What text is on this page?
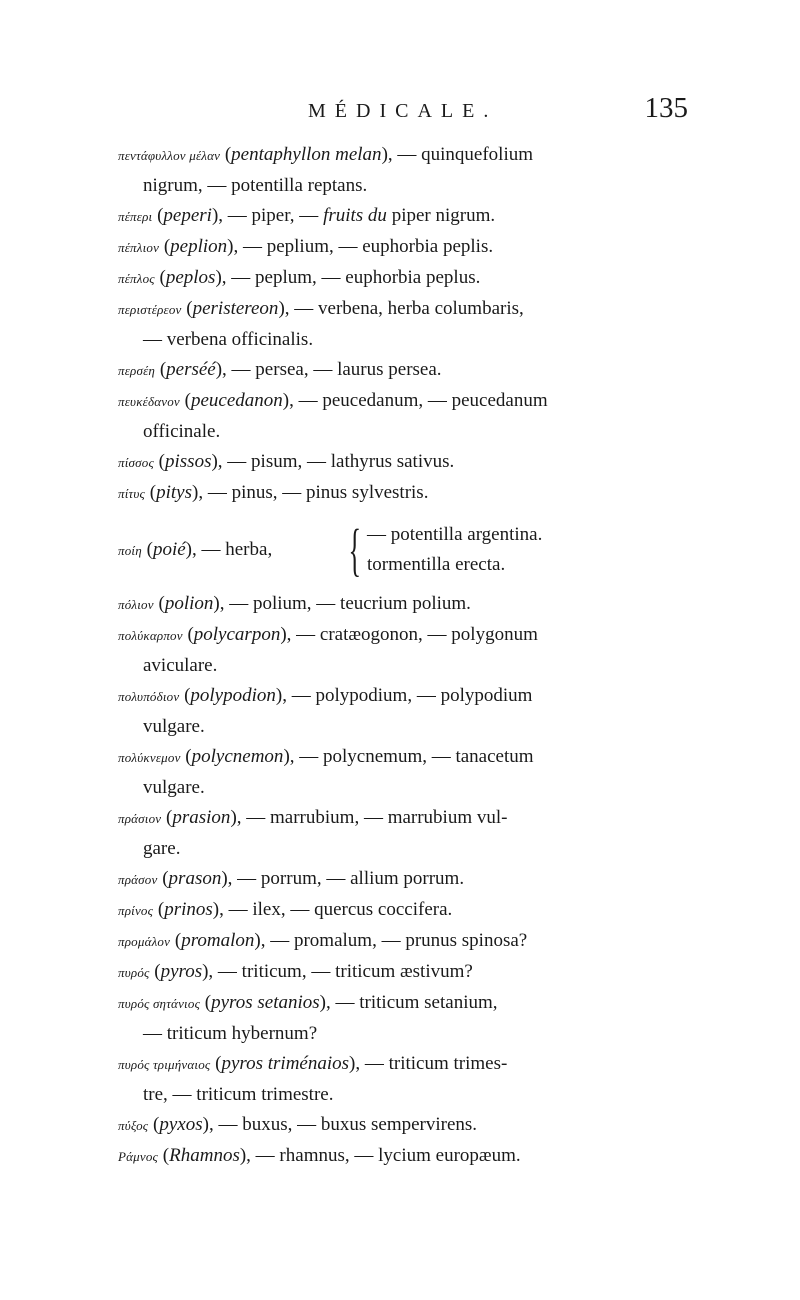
MÉDICALE.	135
πεντάφυλλον μέλαν (pentaphyllon melan), — quinquefolium
nigrum, — potentilla reptans.
πέπερι (peperi), — piper, — fruits du piper nigrum.
πέπλιον (peplion), — peplium, — euphorbia peplis.
πέπλος (peplos), — peplum, — euphorbia peplus.
περιστέρεον (peristereon), — verbena, herba columbaris,
— verbena officinalis.
περσέη (perséé), — persea, — laurus persea.
πευκέδανον (peucedanon), — peucedanum, — peucedanum
officinale.
πίσσος (pissos), — pisum, — lathyrus sativus.
πίτυς (pitys), — pinus, — pinus sylvestris.
ποίη (poié), — herba,	{ — potentilla argentina.
tormentilla erecta.
πόλιον (polion), — polium, — teucrium polium.
πολύκαρπον (polycarpon), — cratæogonon, — polygonum
aviculare.
πολυπόδιον (polypodion), — polypodium, — polypodium
vulgare.
πολύκνεμον (polycnemon), — polycnemum, — tanacetum
vulgare.
πράσιον (prasion), — marrubium, — marrubium vul-
gare.
πράσον (prason), — porrum, — allium porrum.
πρίνος (prinos), — ilex, — quercus coccifera.
προμάλον (promalon), — promalum, — prunus spinosa?
πυρός (pyros), — triticum, — triticum æstivum?
πυρός σητάνιος (pyros setanios), — triticum setanium,
— triticum hybernum?
πυρός τριμήναιος (pyros triménaios), — triticum trimes-
tre, — triticum trimestre.
πύξος (pyxos), — buxus, — buxus sempervirens.
Ράμνος (Rhamnos), — rhamnus, — lycium europæum.
